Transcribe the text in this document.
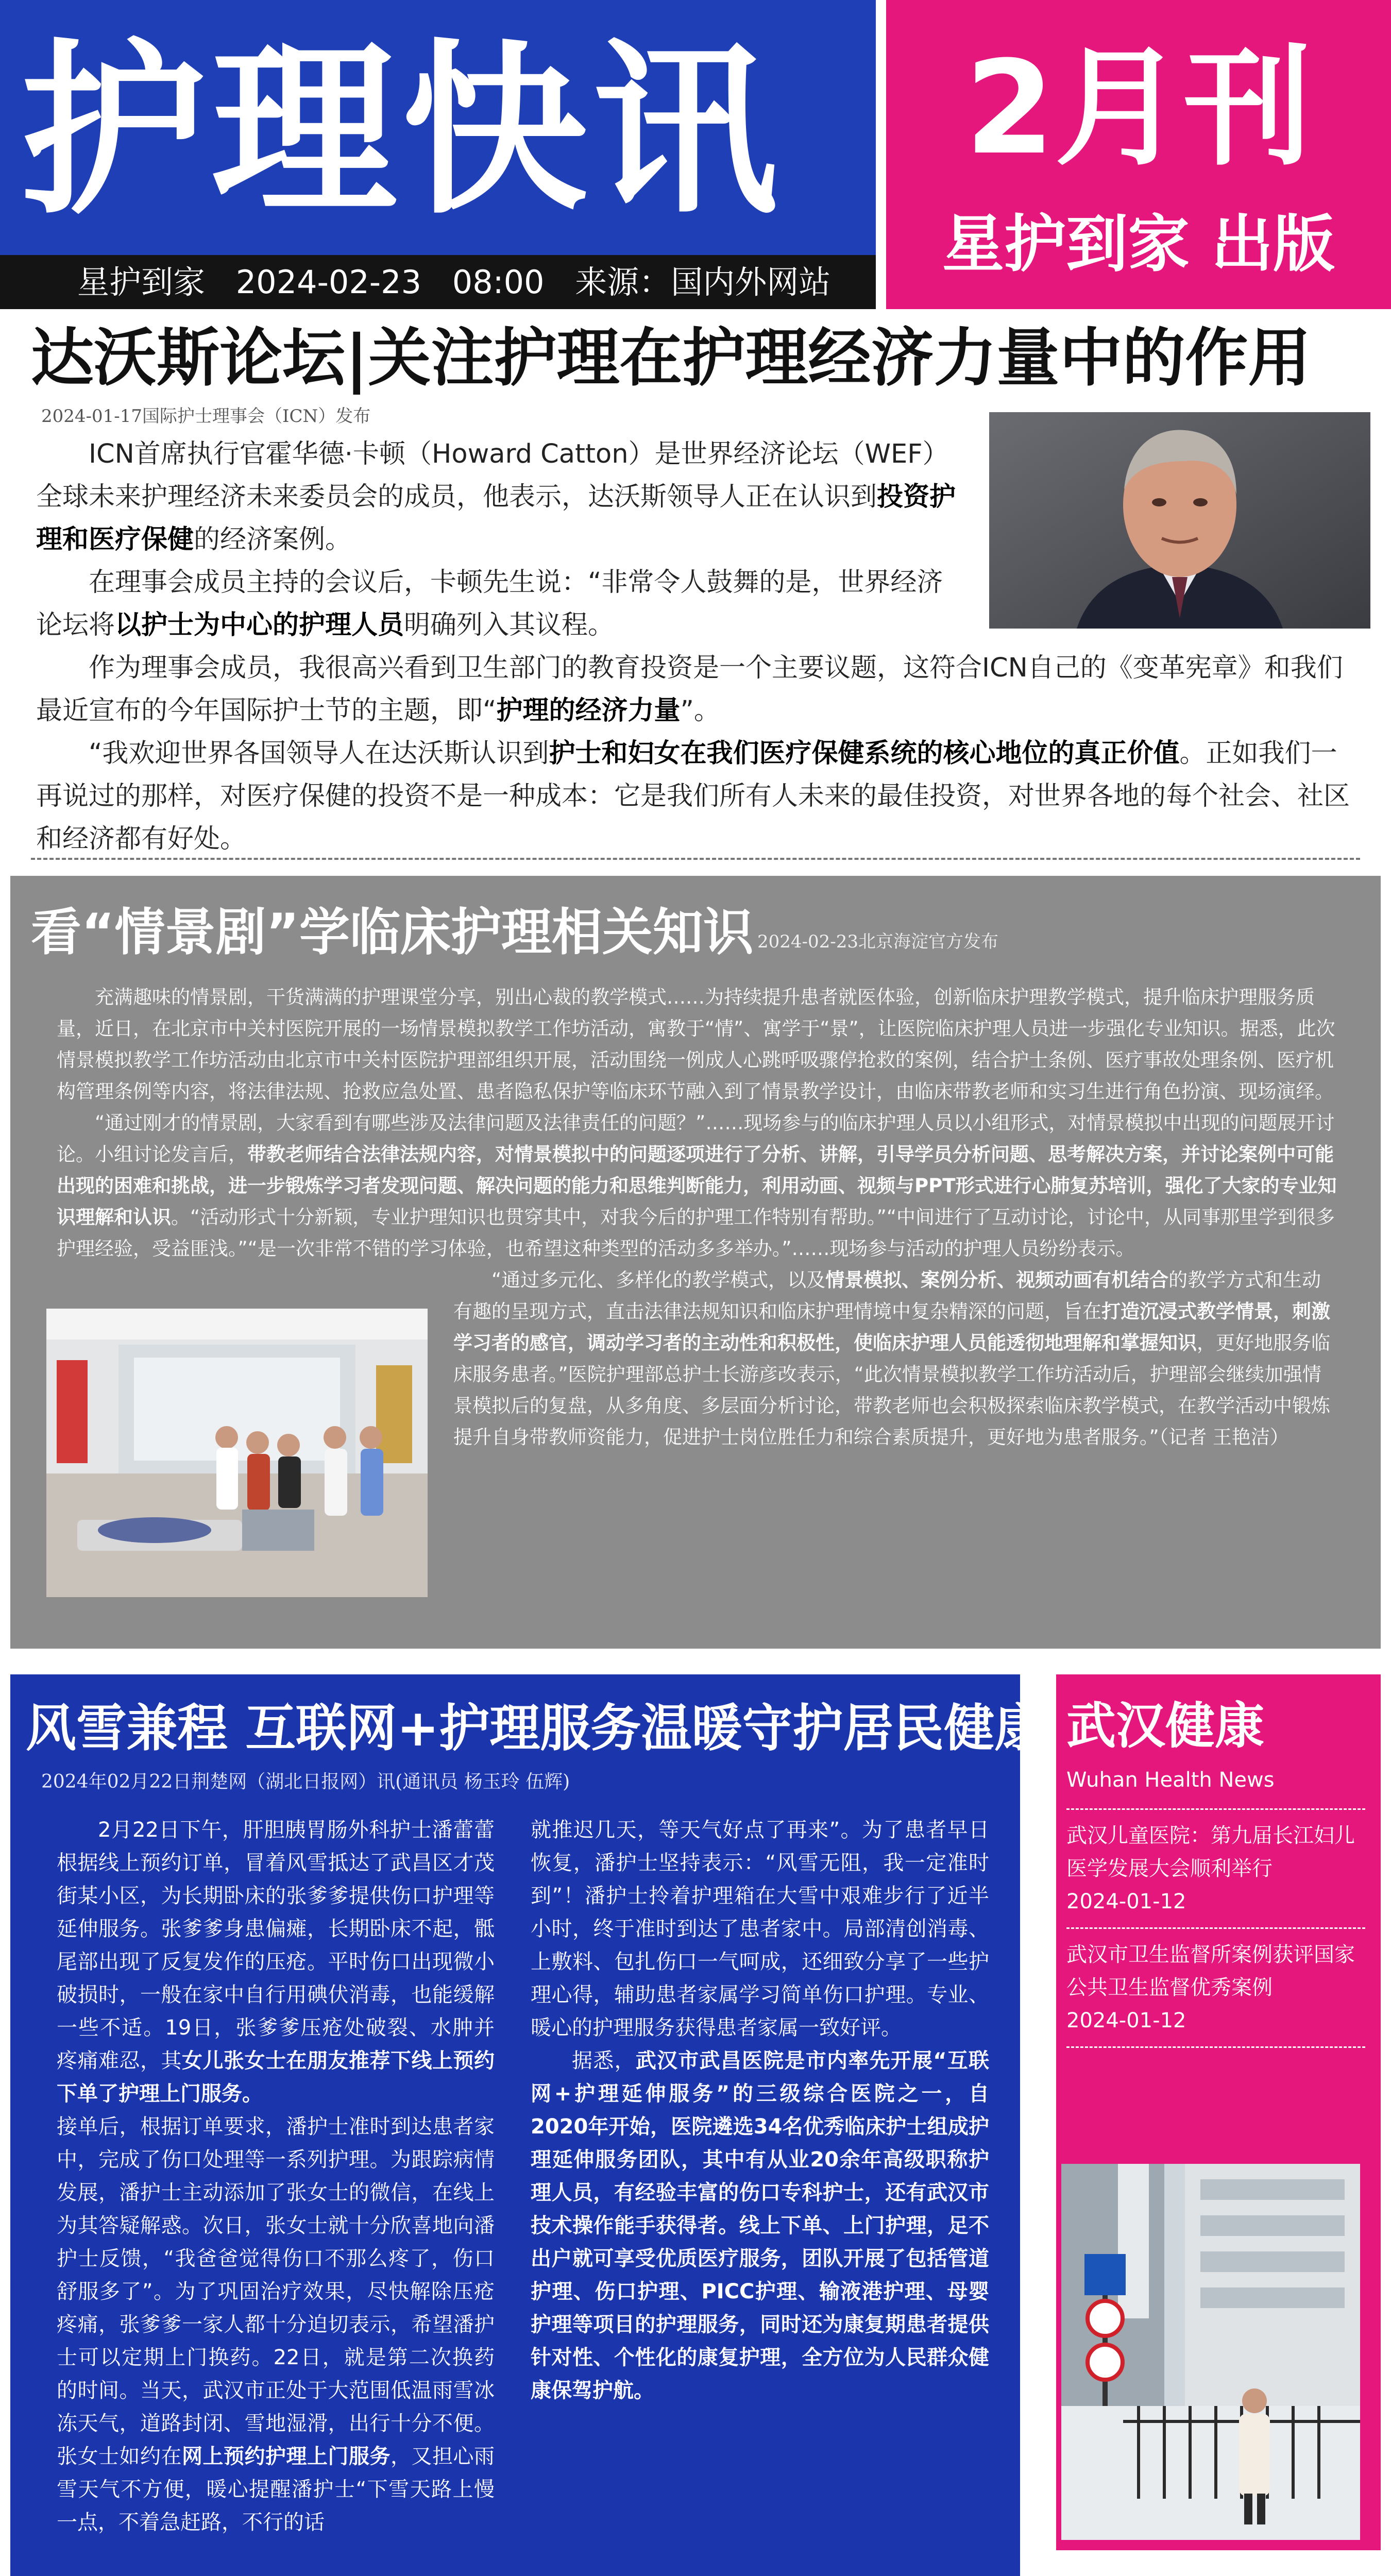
护理快讯
星护到家 2024-02-23 08:00 来源：国内外网站
2月刊
星护到家 出版
达沃斯论坛|关注护理在护理经济力量中的作用
2024-01-17国际护士理事会（ICN）发布

ICN首席执行官霍华德·卡顿（Howard Catton）是世界经济论坛（WEF）全球未来护理经济未来委员会的成员，他表示，达沃斯领导人正在认识到投资护理和医疗保健的经济案例。

在理事会成员主持的会议后，卡顿先生说：“非常令人鼓舞的是，世界经济论坛将以护士为中心的护理人员明确列入其议程。

作为理事会成员，我很高兴看到卫生部门的教育投资是一个主要议题，这符合ICN自己的《变革宪章》和我们最近宣布的今年国际护士节的主题，即“护理的经济力量”。

“我欢迎世界各国领导人在达沃斯认识到护士和妇女在我们医疗保健系统的核心地位的真正价值。正如我们一再说过的那样，对医疗保健的投资不是一种成本：它是我们所有人未来的最佳投资，对世界各地的每个社会、社区和经济都有好处。

看“情景剧”学临床护理相关知识 2024-02-23北京海淀官方发布

充满趣味的情景剧，干货满满的护理课堂分享，别出心裁的教学模式……为持续提升患者就医体验，创新临床护理教学模式，提升临床护理服务质量，近日，在北京市中关村医院开展的一场情景模拟教学工作坊活动，寓教于“情”、寓学于“景”，让医院临床护理人员进一步强化专业知识。据悉，此次情景模拟教学工作坊活动由北京市中关村医院护理部组织开展，活动围绕一例成人心跳呼吸骤停抢救的案例，结合护士条例、医疗事故处理条例、医疗机构管理条例等内容，将法律法规、抢救应急处置、患者隐私保护等临床环节融入到了情景教学设计，由临床带教老师和实习生进行角色扮演、现场演绎。

“通过刚才的情景剧，大家看到有哪些涉及法律问题及法律责任的问题？”……现场参与的临床护理人员以小组形式，对情景模拟中出现的问题展开讨论。小组讨论发言后，带教老师结合法律法规内容，对情景模拟中的问题逐项进行了分析、讲解，引导学员分析问题、思考解决方案，并讨论案例中可能出现的困难和挑战，进一步锻炼学习者发现问题、解决问题的能力和思维判断能力，利用动画、视频与PPT形式进行心肺复苏培训，强化了大家的专业知识理解和认识。“活动形式十分新颖，专业护理知识也贯穿其中，对我今后的护理工作特别有帮助。”“中间进行了互动讨论，讨论中，从同事那里学到很多护理经验，受益匪浅。”“是一次非常不错的学习体验，也希望这种类型的活动多多举办。”……现场参与活动的护理人员纷纷表示。

“通过多元化、多样化的教学模式，以及情景模拟、案例分析、视频动画有机结合的教学方式和生动有趣的呈现方式，直击法律法规知识和临床护理情境中复杂精深的问题，旨在打造沉浸式教学情景，刺激学习者的感官，调动学习者的主动性和积极性，使临床护理人员能透彻地理解和掌握知识，更好地服务临床服务患者。”医院护理部总护士长游彦改表示，“此次情景模拟教学工作坊活动后，护理部会继续加强情景模拟后的复盘，从多角度、多层面分析讨论，带教老师也会积极探索临床教学模式，在教学活动中锻炼提升自身带教师资能力，促进护士岗位胜任力和综合素质提升，更好地为患者服务。”（记者 王艳洁）

风雪兼程 互联网+护理服务温暖守护居民健康
2024年02月22日荆楚网（湖北日报网）讯(通讯员 杨玉玲 伍辉)

2月22日下午，肝胆胰胃肠外科护士潘蕾蕾根据线上预约订单，冒着风雪抵达了武昌区才茂街某小区，为长期卧床的张爹爹提供伤口护理等延伸服务。张爹爹身患偏瘫，长期卧床不起，骶尾部出现了反复发作的压疮。平时伤口出现微小破损时，一般在家中自行用碘伏消毒，也能缓解一些不适。19日，张爹爹压疮处破裂、水肿并疼痛难忍，其女儿张女士在朋友推荐下线上预约下单了护理上门服务。

接单后，根据订单要求，潘护士准时到达患者家中，完成了伤口处理等一系列护理。为跟踪病情发展，潘护士主动添加了张女士的微信，在线上为其答疑解惑。次日，张女士就十分欣喜地向潘护士反馈，“我爸爸觉得伤口不那么疼了，伤口舒服多了”。为了巩固治疗效果，尽快解除压疮疼痛，张爹爹一家人都十分迫切表示，希望潘护士可以定期上门换药。22日，就是第二次换药的时间。当天，武汉市正处于大范围低温雨雪冰冻天气，道路封闭、雪地湿滑，出行十分不便。张女士如约在网上预约护理上门服务，又担心雨雪天气不方便，暖心提醒潘护士“下雪天路上慢一点，不着急赶路，不行的话

就推迟几天，等天气好点了再来”。为了患者早日恢复，潘护士坚持表示：“风雪无阻，我一定准时到”！潘护士拎着护理箱在大雪中艰难步行了近半小时，终于准时到达了患者家中。局部清创消毒、上敷料、包扎伤口一气呵成，还细致分享了一些护理心得，辅助患者家属学习简单伤口护理。专业、暖心的护理服务获得患者家属一致好评。

据悉，武汉市武昌医院是市内率先开展“互联网+护理延伸服务”的三级综合医院之一，自2020年开始，医院遴选34名优秀临床护士组成护理延伸服务团队，其中有从业20余年高级职称护理人员，有经验丰富的伤口专科护士，还有武汉市技术操作能手获得者。线上下单、上门护理，足不出户就可享受优质医疗服务，团队开展了包括管道护理、伤口护理、PICC护理、输液港护理、母婴护理等项目的护理服务，同时还为康复期患者提供针对性、个性化的康复护理，全方位为人民群众健康保驾护航。

武汉健康
Wuhan Health News
武汉儿童医院：第九届长江妇儿医学发展大会顺利举行
2024-01-12
武汉市卫生监督所案例获评国家公共卫生监督优秀案例
2024-01-12
